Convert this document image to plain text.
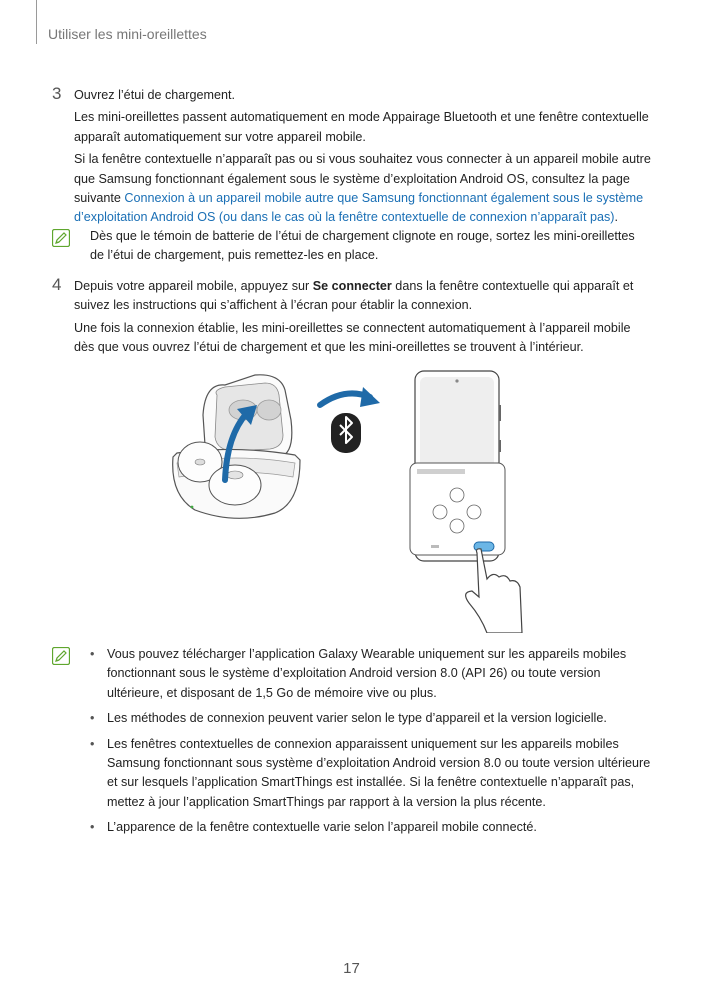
Utiliser les mini-oreillettes
3 Ouvrez l’étui de chargement.

Les mini-oreillettes passent automatiquement en mode Appairage Bluetooth et une fenêtre contextuelle apparaît automatiquement sur votre appareil mobile.

Si la fenêtre contextuelle n’apparaît pas ou si vous souhaitez vous connecter à un appareil mobile autre que Samsung fonctionnant également sous le système d’exploitation Android OS, consultez la page suivante Connexion à un appareil mobile autre que Samsung fonctionnant également sous le système d’exploitation Android OS (ou dans le cas où la fenêtre contextuelle de connexion n’apparaît pas).

Dès que le témoin de batterie de l’étui de chargement clignote en rouge, sortez les mini-oreillettes de l’étui de chargement, puis remettez-les en place.
4 Depuis votre appareil mobile, appuyez sur Se connecter dans la fenêtre contextuelle qui apparaît et suivez les instructions qui s’affichent à l’écran pour établir la connexion.

Une fois la connexion établie, les mini-oreillettes se connectent automatiquement à l’appareil mobile dès que vous ouvrez l’étui de chargement et que les mini-oreillettes se trouvent à l’intérieur.

• Vous pouvez télécharger l’application Galaxy Wearable uniquement sur les appareils mobiles fonctionnant sous le système d’exploitation Android version 8.0 (API 26) ou toute version ultérieure, et disposant de 1,5 Go de mémoire vive ou plus.
• Les méthodes de connexion peuvent varier selon le type d’appareil et la version logicielle.
• Les fenêtres contextuelles de connexion apparaissent uniquement sur les appareils mobiles Samsung fonctionnant sous système d’exploitation Android version 8.0 ou toute version ultérieure et sur lesquels l’application SmartThings est installée. Si la fenêtre contextuelle n’apparaît pas, mettez à jour l’application SmartThings par rapport à la version la plus récente.
• L’apparence de la fenêtre contextuelle varie selon l’appareil mobile connecté.
17
